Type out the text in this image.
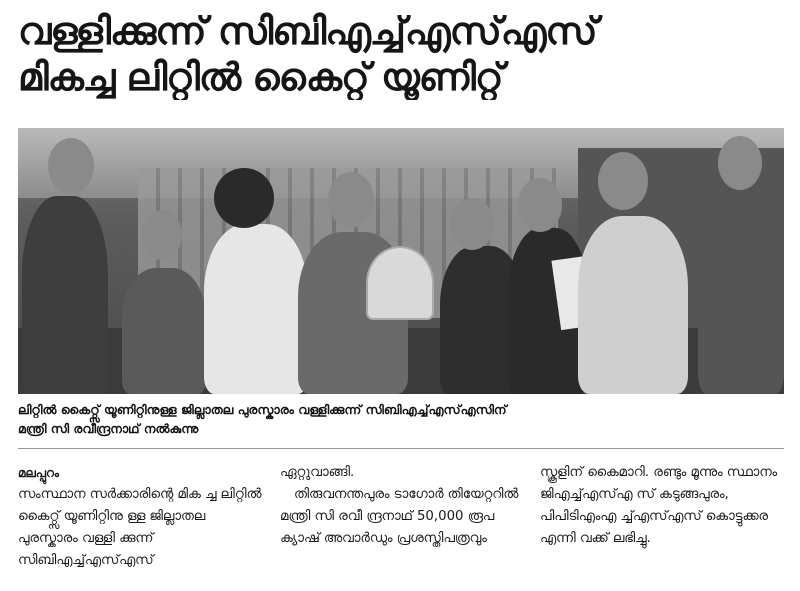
വള്ളിക്കുന്ന് സിബിഎച്ച്എസ്എസ്
മികച്ച ലിറ്റിൽ കൈറ്റ്സ് യൂണിറ്റ്
ലിറ്റിൽ കൈറ്റ്സ് യൂണിറ്റിനുള്ള ജില്ലാതല പുരസ്കാരം വള്ളിക്കുന്ന് സിബിഎച്ച്എസ്എസിന്
മന്ത്രി സി രവീന്ദ്രനാഥ് നൽകുന്നു

മലപ്പുറം

സംസ്ഥാന സർക്കാരിന്റെ മിക ച്ച ലിറ്റിൽ കൈറ്റ്സ് യൂണിറ്റിനു ള്ള ജില്ലാതല പുരസ്കാരം വള്ളി ക്കുന്ന് സിബിഎച്ച്എസ്എസ്

ഏറ്റുവാങ്ങി.

തിരുവനന്തപുരം ടാഗോർ തിയേറ്ററിൽ മന്ത്രി സി രവീ ന്ദ്രനാഥ് 50,000 രൂപ ക്യാഷ് അവാർഡും പ്രശസ്തിപത്രവും

സ്കൂളിന് കൈമാറി. രണ്ടും മൂന്നും സ്ഥാനം ജിഎച്ച്എസ്എ സ് കടുങ്ങപുരം, പിപിടിഎംഎ ച്ച്എസ്എസ് കൊട്ടുക്കര എന്നി വക്ക് ലഭിച്ചു.
